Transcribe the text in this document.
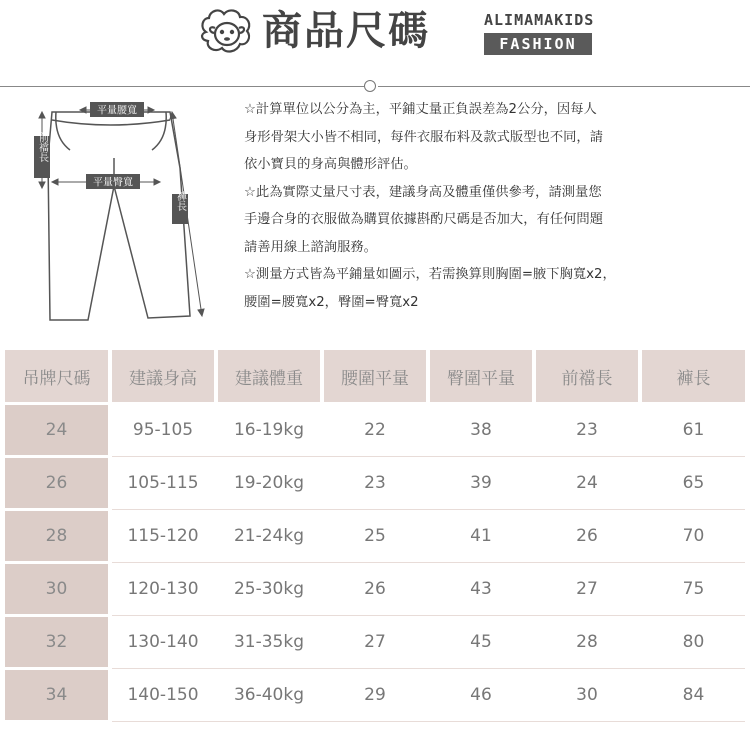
商品尺碼	ALIMAMAKIDS
FASHION
平量腰寬
平量臀寬
前襠長
褲長

☆計算單位以公分為主，平鋪丈量正負誤差為2公分，因每人

身形骨架大小皆不相同，每件衣服布料及款式版型也不同，請

依小寶貝的身高與體形評估。

☆此為實際丈量尺寸表，建議身高及體重僅供參考，請測量您

手邊合身的衣服做為購買依據斟酌尺碼是否加大，有任何問題

請善用線上諮詢服務。

☆測量方式皆為平鋪量如圖示，若需換算則胸圍=腋下胸寬x2，

腰圍=腰寬x2，臀圍=臀寬x2

吊牌尺碼	建議身高	建議體重	腰圍平量	臀圍平量	前襠長	褲長
24	95-105	16-19kg	22	38	23	61
26	105-115	19-20kg	23	39	24	65
28	115-120	21-24kg	25	41	26	70
30	120-130	25-30kg	26	43	27	75
32	130-140	31-35kg	27	45	28	80
34	140-150	36-40kg	29	46	30	84
